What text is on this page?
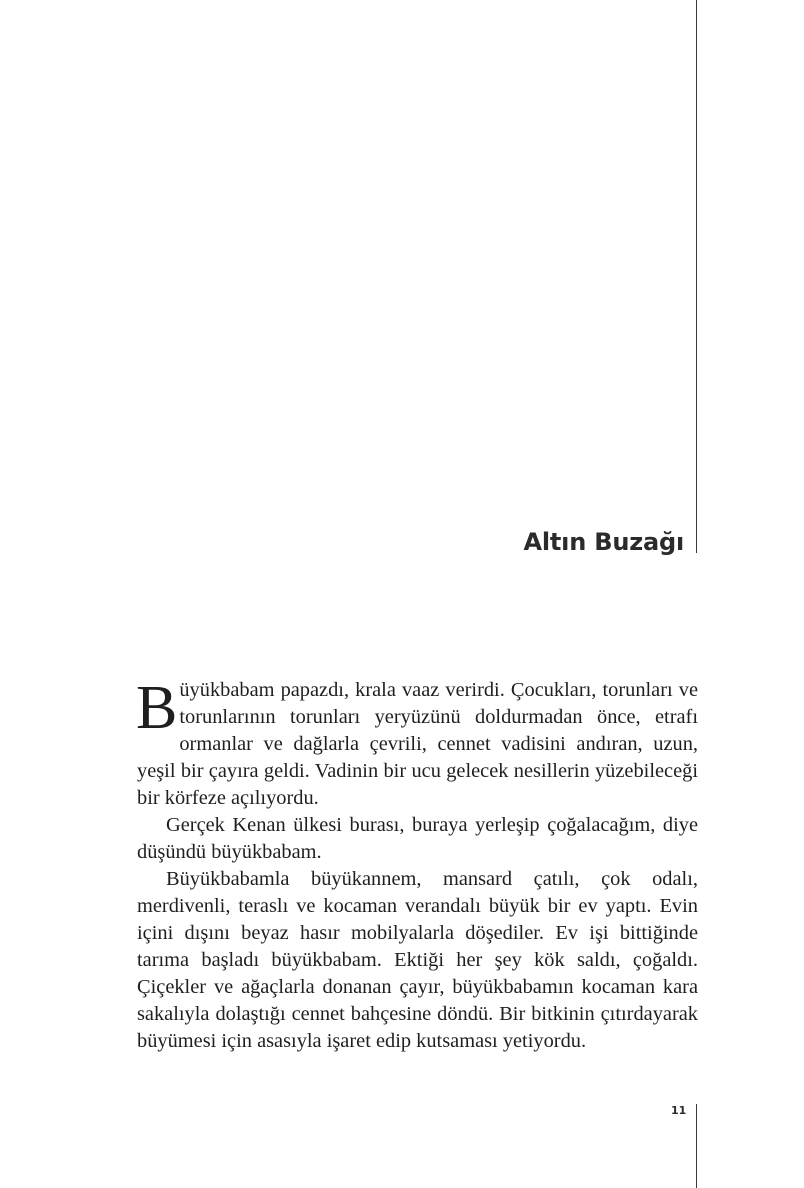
Altın Buzağı

Büyükbabam papazdı, krala vaaz verirdi. Çocukları, torunları ve torunlarının torunları yeryüzünü doldurmadan önce, etrafı ormanlar ve dağlarla çevrili, cennet vadisini andıran, uzun, yeşil bir çayıra geldi. Vadinin bir ucu gelecek nesillerin yüzebileceği bir körfeze açılıyordu.

Gerçek Kenan ülkesi burası, buraya yerleşip çoğalacağım, diye düşündü büyükbabam.

Büyükbabamla büyükannem, mansard çatılı, çok odalı, merdivenli, teraslı ve kocaman verandalı büyük bir ev yaptı. Evin içini dışını beyaz hasır mobilyalarla döşediler. Ev işi bittiğinde tarıma başladı büyükbabam. Ektiği her şey kök saldı, çoğaldı. Çiçekler ve ağaçlarla donanan çayır, büyükbabamın kocaman kara sakalıyla dolaştığı cennet bahçesine döndü. Bir bitkinin çıtırdayarak büyümesi için asasıyla işaret edip kutsaması yetiyordu.

11
